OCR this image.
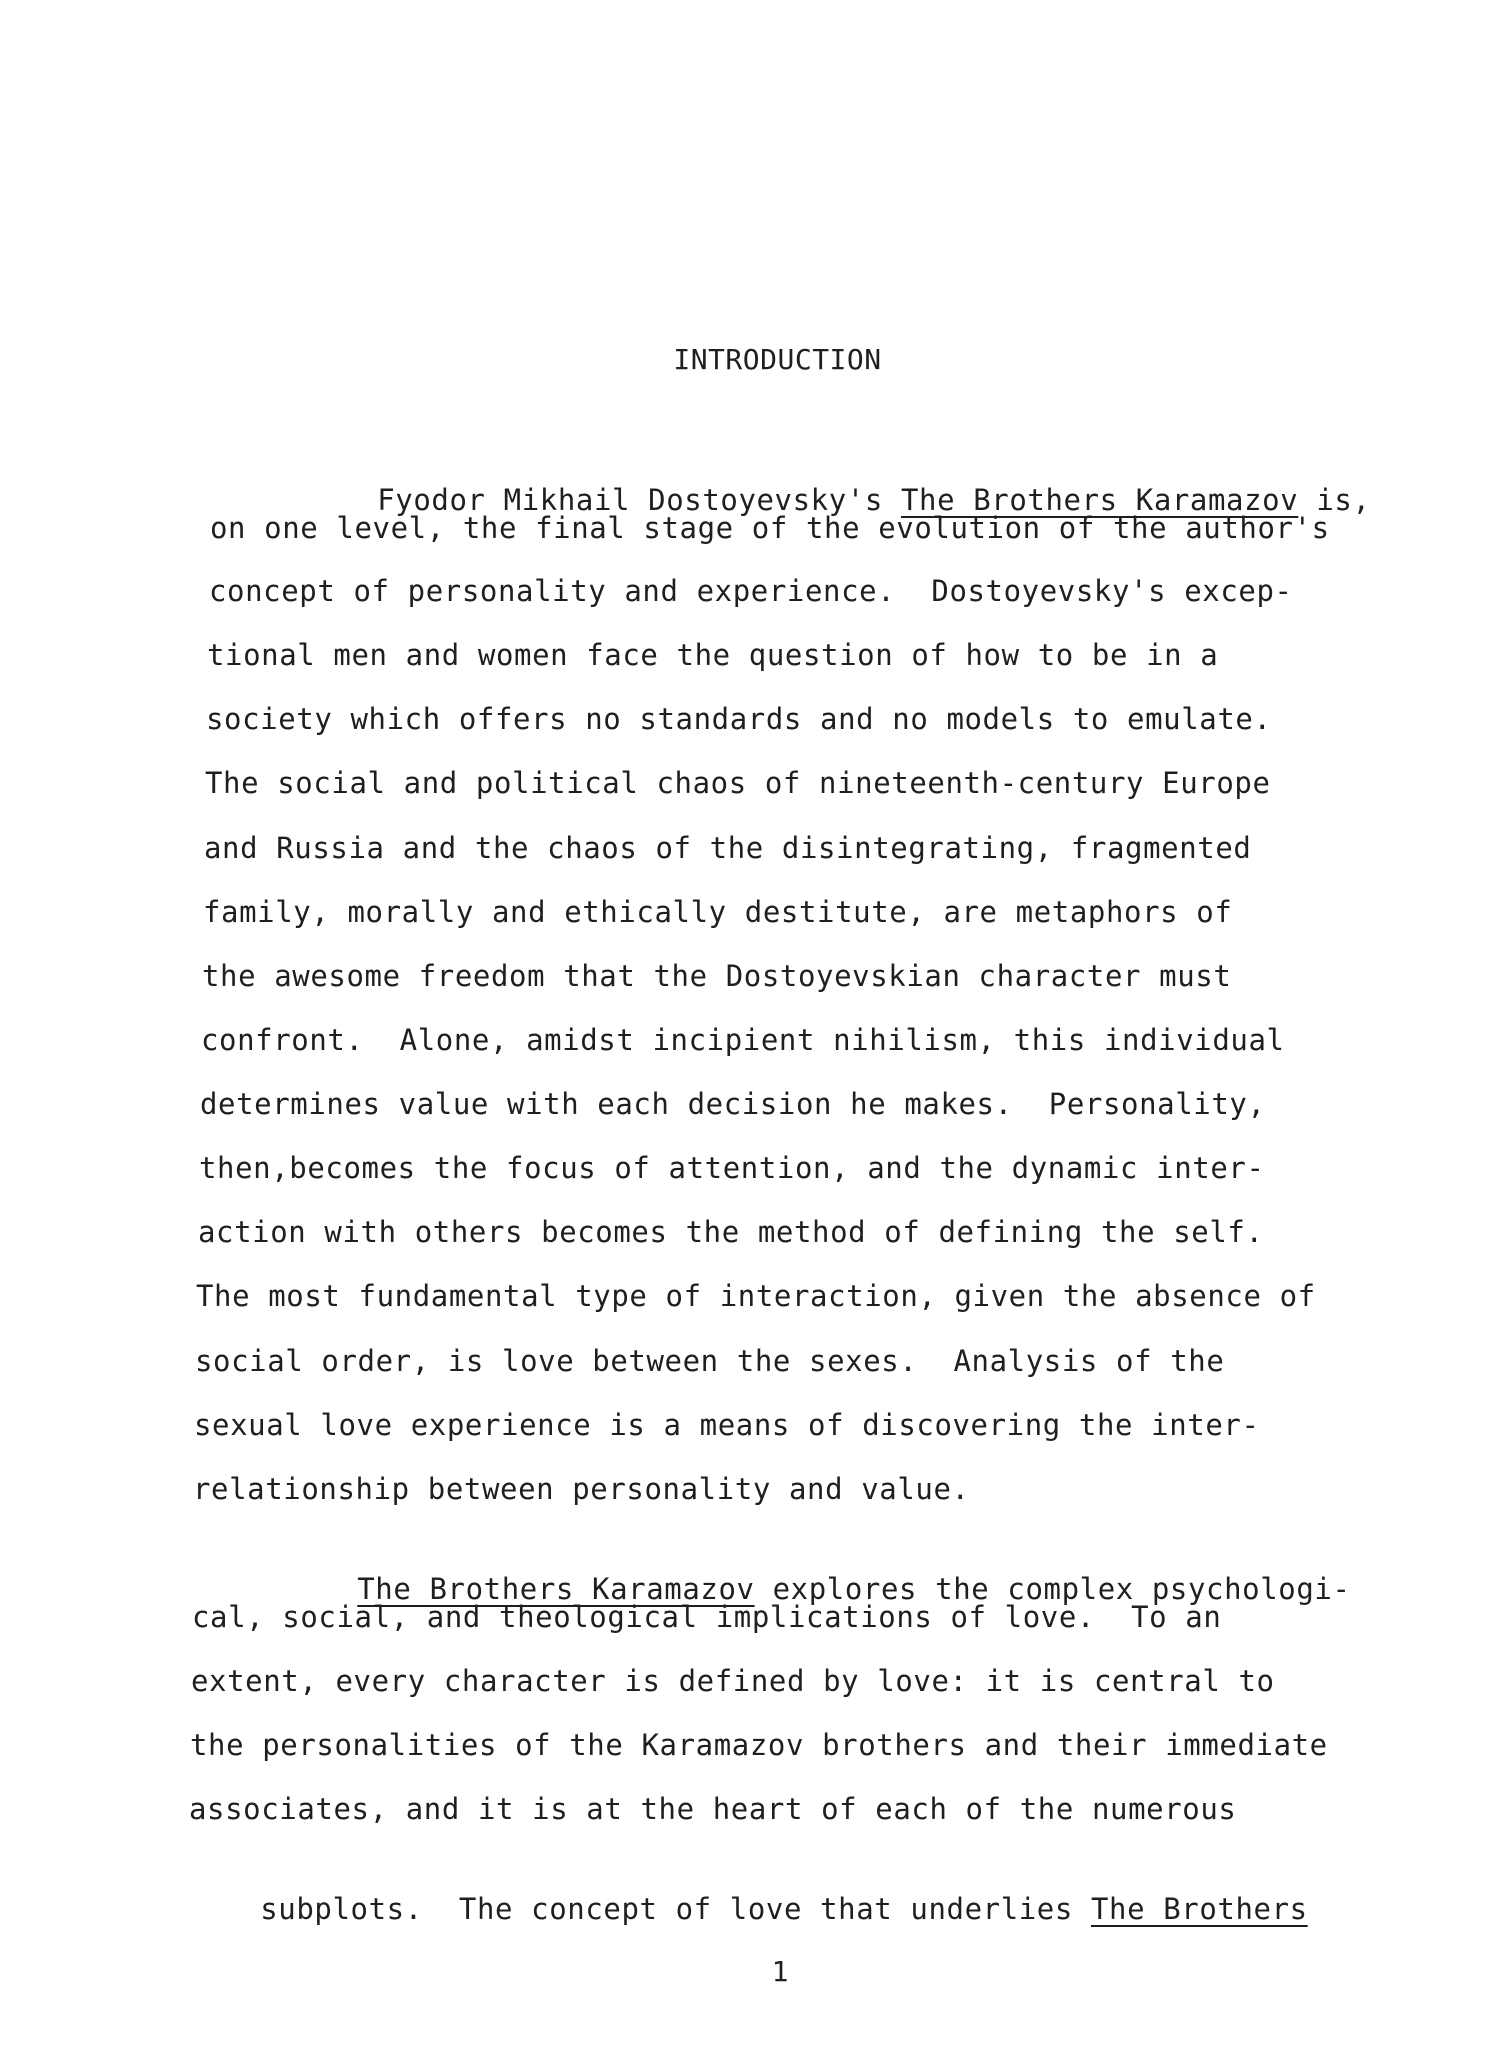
INTRODUCTION

Fyodor Mikhail Dostoyevsky's The Brothers Karamazov is,

on one level, the final stage of the evolution of the author's
concept of personality and experience.  Dostoyevsky's excep-
tional men and women face the question of how to be in a
society which offers no standards and no models to emulate.
The social and political chaos of nineteenth-century Europe
and Russia and the chaos of the disintegrating, fragmented
family, morally and ethically destitute, are metaphors of
the awesome freedom that the Dostoyevskian character must
confront.  Alone, amidst incipient nihilism, this individual
determines value with each decision he makes.  Personality,
then,becomes the focus of attention, and the dynamic inter-
action with others becomes the method of defining the self.
The most fundamental type of interaction, given the absence of
social order, is love between the sexes.  Analysis of the
sexual love experience is a means of discovering the inter-
relationship between personality and value.

The Brothers Karamazov explores the complex psychologi-

cal, social, and theological implications of love.  To an
extent, every character is defined by love: it is central to
the personalities of the Karamazov brothers and their immediate
associates, and it is at the heart of each of the numerous

subplots.  The concept of love that underlies The Brothers

1
